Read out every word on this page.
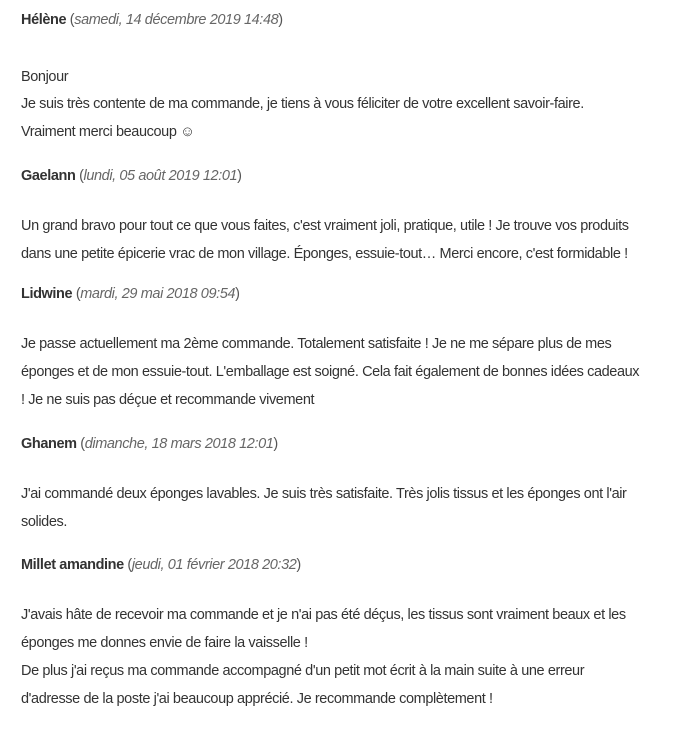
Hélène (samedi, 14 décembre 2019 14:48)
Bonjour
Je suis très contente de ma commande, je tiens à vous féliciter de votre excellent savoir-faire.
Vraiment merci beaucoup ☺
Gaelann (lundi, 05 août 2019 12:01)
Un grand bravo pour tout ce que vous faites, c'est vraiment joli, pratique, utile ! Je trouve vos produits
dans une petite épicerie vrac de mon village. Éponges, essuie-tout… Merci encore, c'est formidable !
Lidwine (mardi, 29 mai 2018 09:54)
Je passe actuellement ma 2ème commande. Totalement satisfaite ! Je ne me sépare plus de mes
éponges et de mon essuie-tout. L'emballage est soigné. Cela fait également de bonnes idées cadeaux
! Je ne suis pas déçue et recommande vivement
Ghanem (dimanche, 18 mars 2018 12:01)
J'ai commandé deux éponges lavables. Je suis très satisfaite. Très jolis tissus et les éponges ont l'air
solides.
Millet amandine (jeudi, 01 février 2018 20:32)
J'avais hâte de recevoir ma commande et je n'ai pas été déçus, les tissus sont vraiment beaux et les
éponges me donnes envie de faire la vaisselle !
De plus j'ai reçus ma commande accompagné d'un petit mot écrit à la main suite à une erreur
d'adresse de la poste j'ai beaucoup apprécié. Je recommande complètement !
